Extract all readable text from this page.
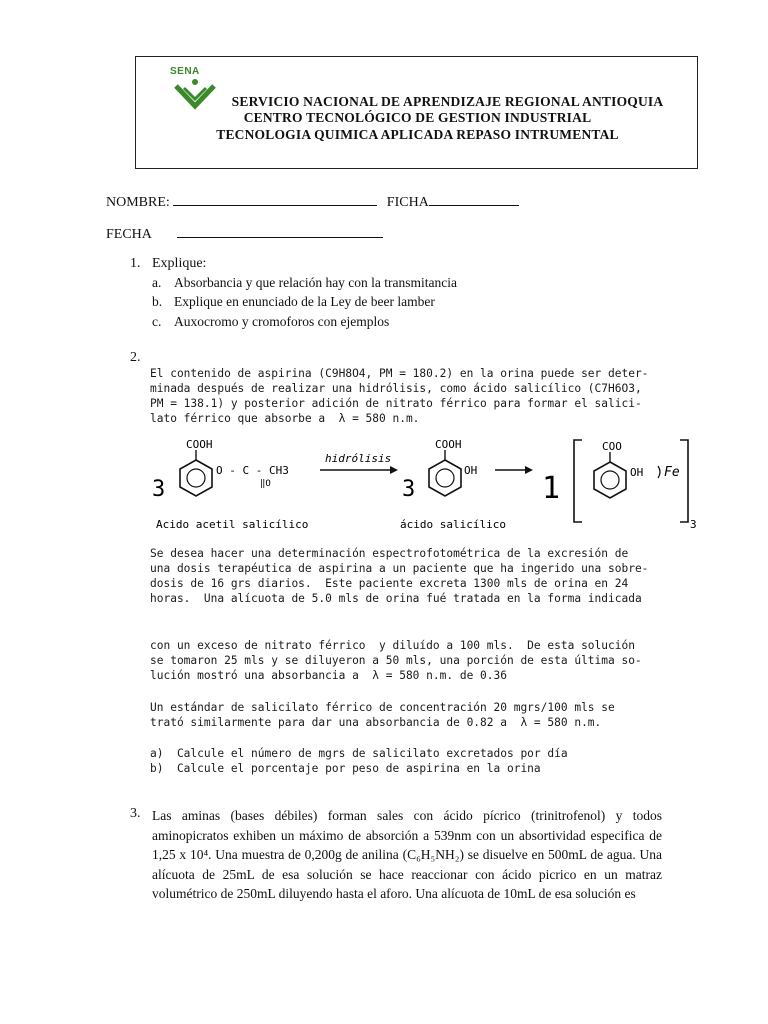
SENA
SERVICIO NACIONAL DE APRENDIZAJE REGIONAL ANTIOQUIA
CENTRO TECNOLÓGICO DE GESTION INDUSTRIAL
TECNOLOGIA QUIMICA APLICADA REPASO INTRUMENTAL
NOMBRE:	FICHA
FECHA
1. Explique:
a. Absorbancia y que relación hay con la transmitancia
b. Explique en enunciado de la Ley de beer lamber
c. Auxocromo y cromoforos con ejemplos
2.

El contenido de aspirina (C9H8O4, PM = 180.2) en la orina puede ser deter-

minada después de realizar una hidrólisis, como ácido salicílico (C7H6O3,

PM = 138.1) y posterior adición de nitrato férrico para formar el salici-

lato férrico que absorbe a  λ = 580 n.m.

3
COOH
O - C - CH3
‖O
hidrólisis
3
COOH
OH
1
COO
OH Fe
3
Acido acetil salicílico	ácido salicílico

Se desea hacer una determinación espectrofotométrica de la excresión de

una dosis terapéutica de aspirina a un paciente que ha ingerido una sobre-

dosis de 16 grs diarios.  Este paciente excreta 1300 mls de orina en 24

horas.  Una alícuota de 5.0 mls de orina fué tratada en la forma indicada

con un exceso de nitrato férrico  y diluído a 100 mls.  De esta solución

se tomaron 25 mls y se diluyeron a 50 mls, una porción de esta última so-

lución mostró una absorbancia a  λ = 580 n.m. de 0.36

Un estándar de salicilato férrico de concentración 20 mgrs/100 mls se

trató similarmente para dar una absorbancia de 0.82 a  λ = 580 n.m.

a)  Calcule el número de mgrs de salicilato excretados por día

b)  Calcule el porcentaje por peso de aspirina en la orina

3. Las aminas (bases débiles) forman sales con ácido pícrico (trinitrofenol) y todos aminopicratos exhiben un máximo de absorción a 539nm con un absortividad especifica de 1,25 x 10⁴. Una muestra de 0,200g de anilina (C₆H₅NH₂) se disuelve en 500mL de agua. Una alícuota de 25mL de esa solución se hace reaccionar con ácido picrico en un matraz volumétrico de 250mL diluyendo hasta el aforo. Una alícuota de 10mL de esa solución es
